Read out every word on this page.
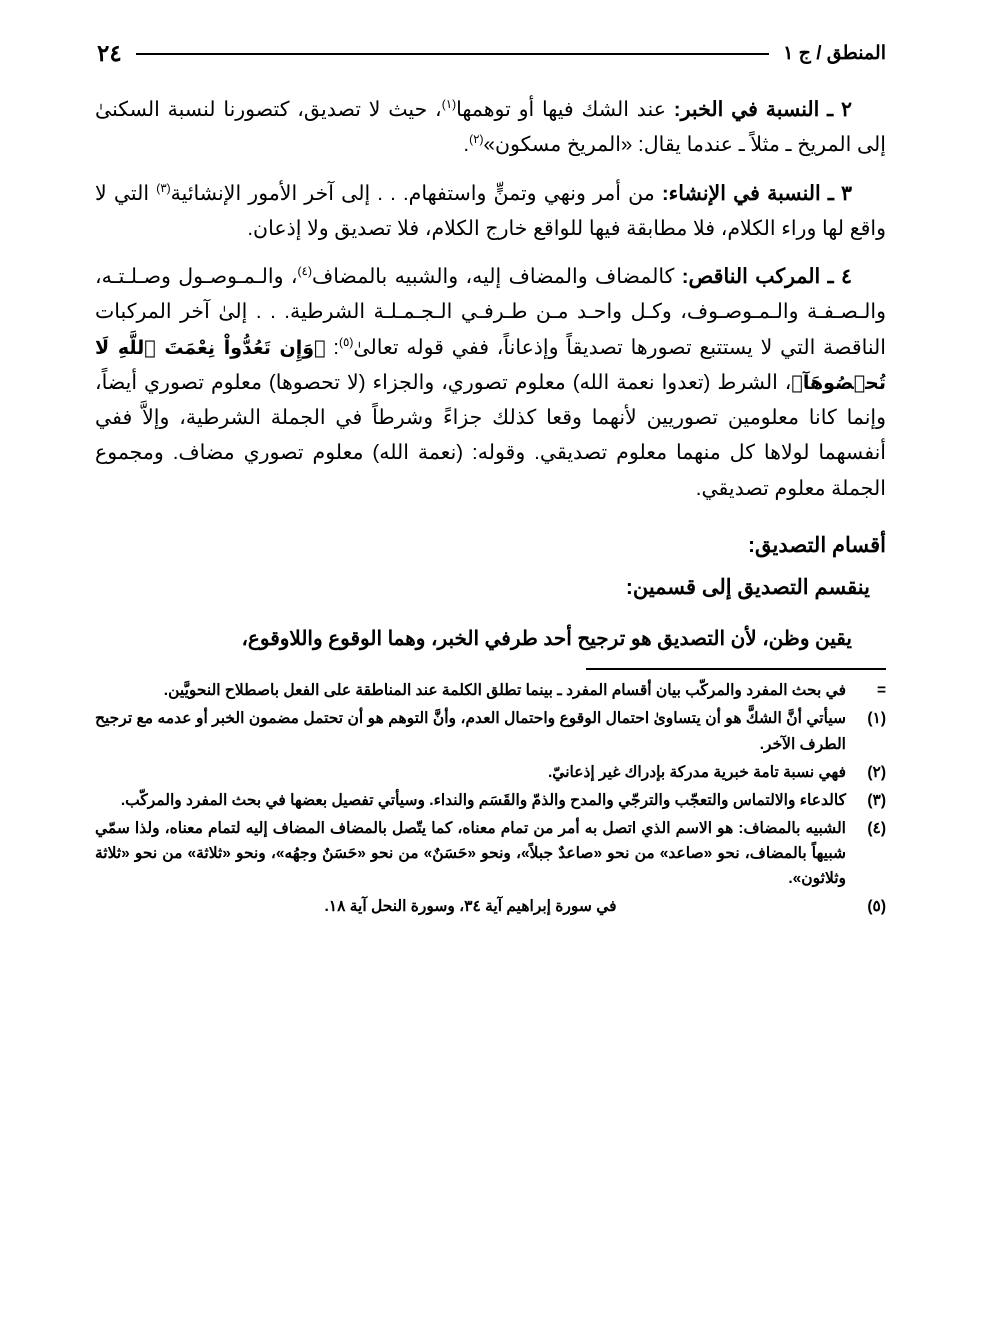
المنطق / ج ١
٢٤

٢ ـ النسبة في الخبر: عند الشك فيها أو توهمها$^{(١)}$، حيث لا تصديق، كتصورنا لنسبة السكنىٰ إلى المريخ ـ مثلاً ـ عندما يقال: «المريخ مسكون»$^{(٢)}$.

٣ ـ النسبة في الإنشاء: من أمر ونهي وتمنٍّ واستفهام. . . إلى آخر الأمور الإنشائية$^{(٣)}$ التي لا واقع لها وراء الكلام، فلا مطابقة فيها للواقع خارج الكلام، فلا تصديق ولا إذعان.

٤ ـ المركب الناقص: كالمضاف والمضاف إليه، والشبيه بالمضاف$^{(٤)}$، والـمـوصـول وصـلـتـه، والـصـفـة والـمـوصـوف، وكـل واحـد مـن طـرفـي الـجـمـلـة الشرطية. . . إلىٰ آخر المركبات الناقصة التي لا يستتبع تصورها تصديقاً وإذعاناً، ففي قوله تعالىٰ$^{(٥)}$: ﴿وَإِن تَعُدُّواْ نِعْمَتَ ٱللَّهِ لَا تُحۡصُوهَآ﴾، الشرط (تعدوا نعمة الله) معلوم تصوري، والجزاء (لا تحصوها) معلوم تصوري أيضاً، وإنما كانا معلومين تصوريين لأنهما وقعا كذلك جزاءً وشرطاً في الجملة الشرطية، وإلاَّ ففي أنفسهما لولاها كل منهما معلوم تصديقي. وقوله: (نعمة الله) معلوم تصوري مضاف. ومجموع الجملة معلوم تصديقي.

أقسام التصديق:
ينقسم التصديق إلى قسمين:

يقين وظن، لأن التصديق هو ترجيح أحد طرفي الخبر، وهما الوقوع واللاوقوع،

=
في بحث المفرد والمركّب بيان أقسام المفرد ـ بينما تطلق الكلمة عند المناطقة على الفعل باصطلاح النحويَّين.
(١)
سيأتي أنَّ الشكَّ هو أن يتساوىٰ احتمال الوقوع واحتمال العدم، وأنَّ التوهم هو أن تحتمل مضمون الخبر أو عدمه مع ترجيح الطرف الآخر.
(٢)
فهي نسبة تامة خبرية مدركة بإدراك غير إذعانيّ.
(٣)
كالدعاء والالتماس والتعجّب والترجّي والمدح والذمّ والقَسَم والنداء. وسيأتي تفصيل بعضها في بحث المفرد والمركّب.
(٤)
الشبيه بالمضاف: هو الاسم الذي اتصل به أمر من تمام معناه، كما يتّصل بالمضاف المضاف إليه لتمام معناه، ولذا سمّي شبيهاً بالمضاف، نحو «صاعد» من نحو «صاعدٌ جبلاً»، ونحو «حَسَنٌ» من نحو «حَسَنٌ وجهُه»، ونحو «ثلاثة» من نحو «ثلاثة وثلاثون».
(٥)
في سورة إبراهيم آية ٣٤، وسورة النحل آية ١٨.
